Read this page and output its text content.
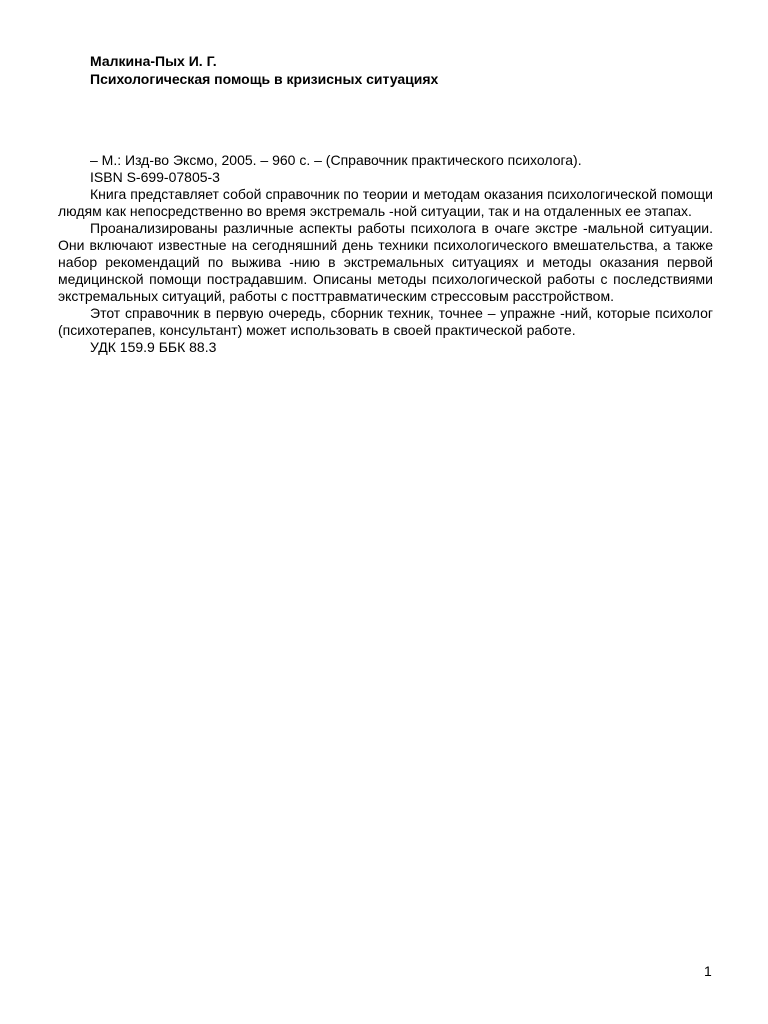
Малкина-Пых И. Г.
Психологическая помощь в кризисных ситуациях

– М.: Изд-во Эксмо, 2005. – 960 с. – (Справочник практического психолога).

ISBN S-699-07805-3

Книга представляет собой справочник по теории и методам оказания психологической помощи людям как непосредственно во время экстремаль -ной ситуации, так и на отдаленных ее этапах.

Проанализированы различные аспекты работы психолога в очаге экстре -мальной ситуации. Они включают известные на сегодняшний день техники психологического вмешательства, а также набор рекомендаций по выжива -нию в экстремальных ситуациях и методы оказания первой медицинской помощи пострадавшим. Описаны методы психологической работы с последствиями экстремальных ситуаций, работы с посттравматическим стрессовым расстройством.

Этот справочник в первую очередь, сборник техник, точнее – упражне -ний, которые психолог (психотерапев, консультант) может использовать в своей практической работе.

УДК 159.9 ББК 88.3

1
